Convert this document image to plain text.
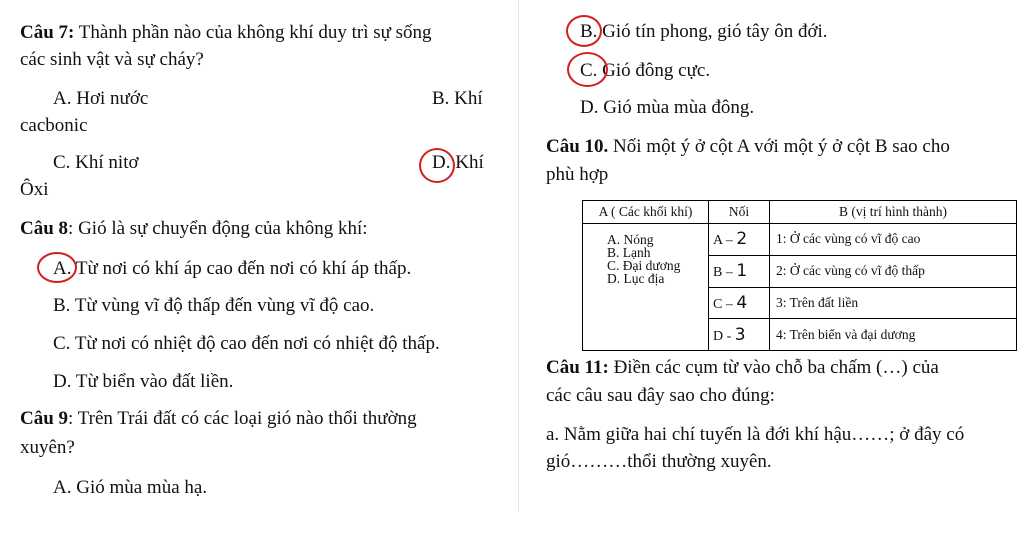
Câu 7: Thành phần nào của không khí duy trì sự sống
các sinh vật và sự cháy?
A. Hơi nước	B. Khí
cacbonic
C. Khí nitơ	D. Khí
Ôxi
Câu 8: Gió là sự chuyển động của không khí:
A. Từ nơi có khí áp cao đến nơi có khí áp thấp.
B. Từ vùng vĩ độ thấp đến vùng vĩ độ cao.
C. Từ nơi có nhiệt độ cao đến nơi có nhiệt độ thấp.
D. Từ biển vào đất liền.
Câu 9: Trên Trái đất có các loại gió nào thổi thường
xuyên?
A. Gió mùa mùa hạ.
B. Gió tín phong, gió tây ôn đới.
C. Gió đông cực.
D. Gió mùa mùa đông.
Câu 10. Nối một ý ở cột A với một ý ở cột B sao cho
phù hợp
A ( Các khối khí)	Nối	B (vị trí hình thành)

A. Nóng
B. Lạnh
C. Đại dương
D. Lục địa	A – 2	1: Ở các vùng có vĩ độ cao
	B – 1	2: Ở các vùng có vĩ độ thấp
	C – 4	3: Trên đất liền
	D - 3	4: Trên biển và đại dương
Câu 11: Điền các cụm từ vào chỗ ba chấm (…) của
các câu sau đây sao cho đúng:
a. Nằm giữa hai chí tuyến là đới khí hậu……; ở đây có
gió………thổi thường xuyên.
